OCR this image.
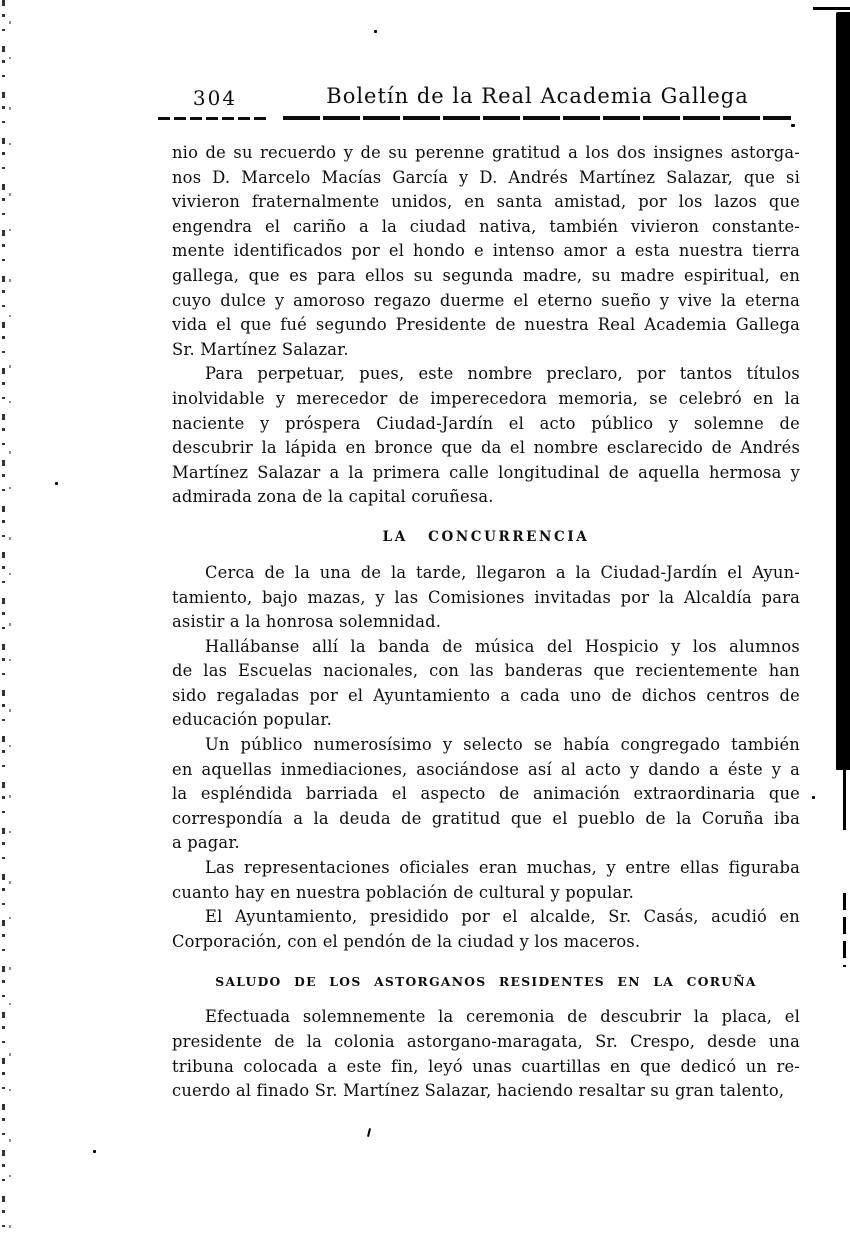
304	Boletín de la Real Academia Gallega
nio de su recuerdo y de su perenne gratitud a los dos insignes astorga-
nos D. Marcelo Macías García y D. Andrés Martínez Salazar, que si
vivieron fraternalmente unidos, en santa amistad, por los lazos que
engendra el cariño a la ciudad nativa, también vivieron constante-
mente identificados por el hondo e intenso amor a esta nuestra tierra
gallega, que es para ellos su segunda madre, su madre espiritual, en
cuyo dulce y amoroso regazo duerme el eterno sueño y vive la eterna
vida el que fué segundo Presidente de nuestra Real Academia Gallega
Sr. Martínez Salazar.
Para perpetuar, pues, este nombre preclaro, por tantos títulos
inolvidable y merecedor de imperecedora memoria, se celebró en la
naciente y próspera Ciudad-Jardín el acto público y solemne de
descubrir la lápida en bronce que da el nombre esclarecido de Andrés
Martínez Salazar a la primera calle longitudinal de aquella hermosa y
admirada zona de la capital coruñesa.
LA CONCURRENCIA
Cerca de la una de la tarde, llegaron a la Ciudad-Jardín el Ayun-
tamiento, bajo mazas, y las Comisiones invitadas por la Alcaldía para
asistir a la honrosa solemnidad.
Hallábanse allí la banda de música del Hospicio y los alumnos
de las Escuelas nacionales, con las banderas que recientemente han
sido regaladas por el Ayuntamiento a cada uno de dichos centros de
educación popular.
Un público numerosísimo y selecto se había congregado también
en aquellas inmediaciones, asociándose así al acto y dando a éste y a
la espléndida barriada el aspecto de animación extraordinaria que
correspondía a la deuda de gratitud que el pueblo de la Coruña iba
a pagar.
Las representaciones oficiales eran muchas, y entre ellas figuraba
cuanto hay en nuestra población de cultural y popular.
El Ayuntamiento, presidido por el alcalde, Sr. Casás, acudió en
Corporación, con el pendón de la ciudad y los maceros.
SALUDO DE LOS ASTORGANOS RESIDENTES EN LA CORUÑA
Efectuada solemnemente la ceremonia de descubrir la placa, el
presidente de la colonia astorgano-maragata, Sr. Crespo, desde una
tribuna colocada a este fin, leyó unas cuartillas en que dedicó un re-
cuerdo al finado Sr. Martínez Salazar, haciendo resaltar su gran talento,
